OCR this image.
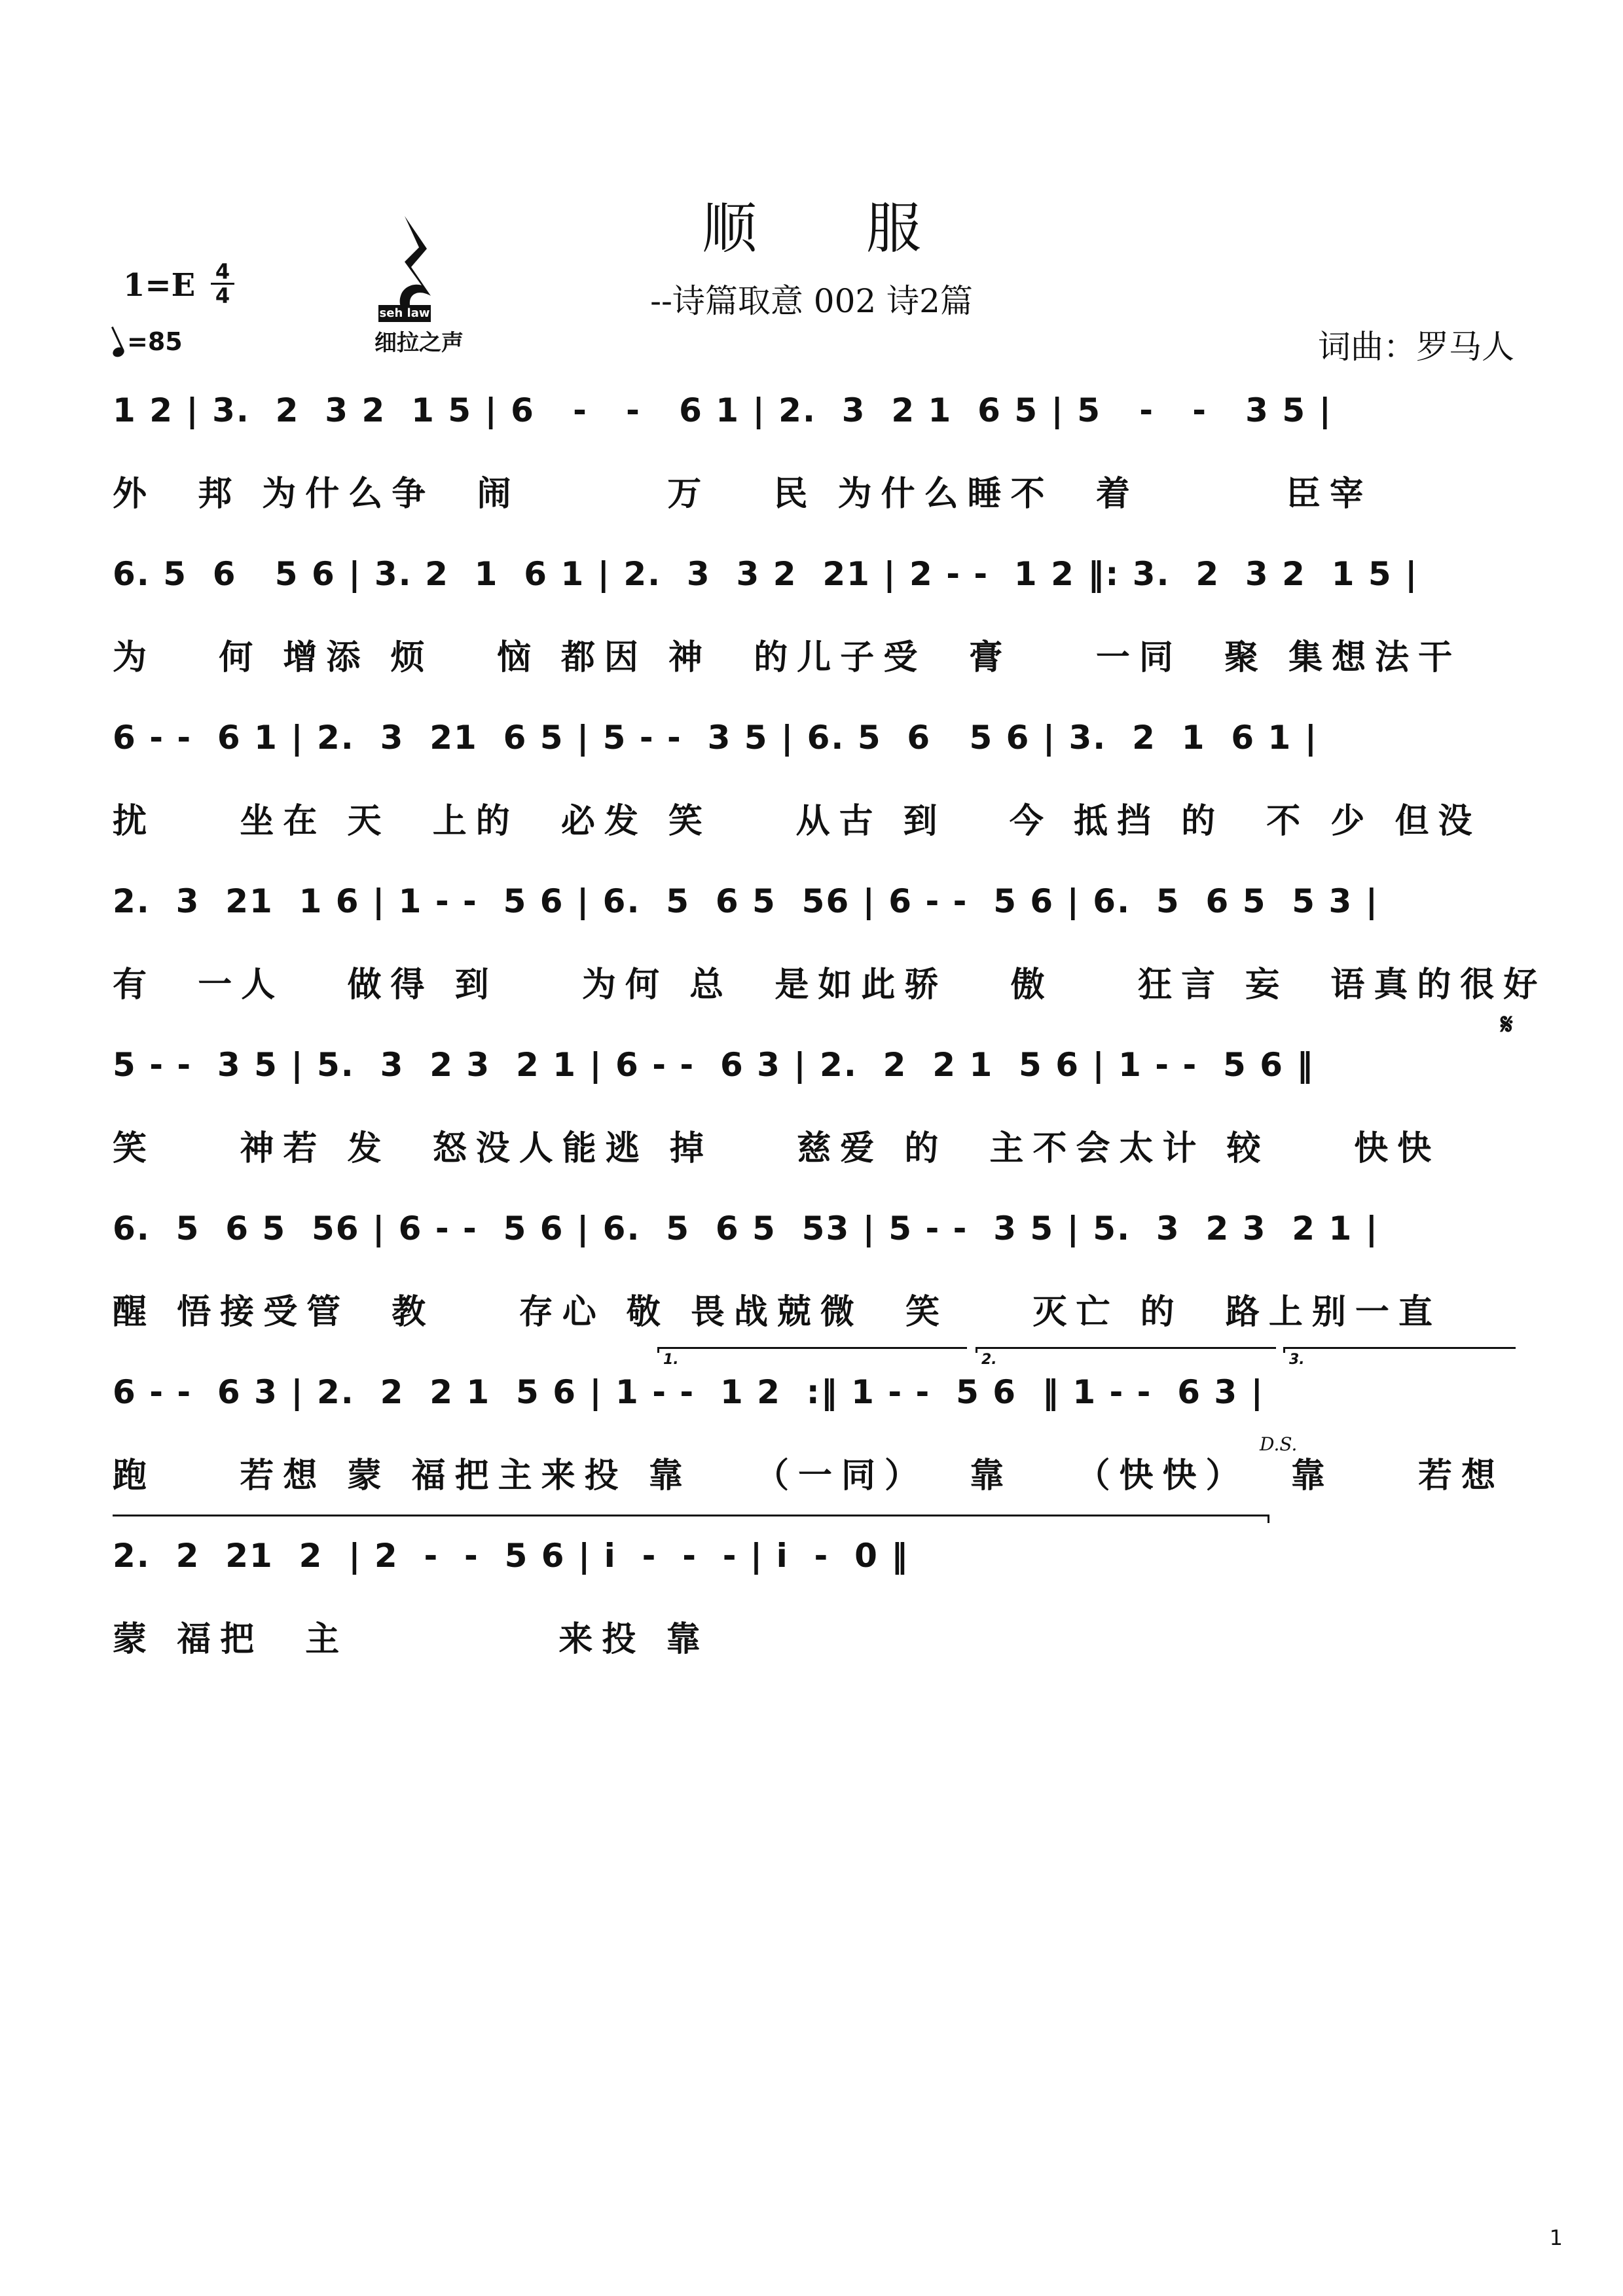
顺 服
--诗篇取意 002 诗2篇
1=E 4
4
=85
seh law
细拉之声	词曲：罗马人
1 2 | 3.  2  3 2  1 5 | 6   -   -   6 1 | 2.  3  2 1  6 5 | 5   -   -   3 5 |
外  邦 为什么争  闹       万   民 为什么睡不  着       臣宰
6. 5  6   5 6 | 3. 2  1  6 1 | 2.  3  3 2  21 | 2 - -  1 2 ‖: 3.  2  3 2  1 5 |
为   何 增添 烦   恼 都因 神  的儿子受  膏    一同  聚 集想法干
6 - -  6 1 | 2.  3  21  6 5 | 5 - -  3 5 | 6. 5  6   5 6 | 3.  2  1  6 1 |
扰    坐在 天  上的  必发 笑    从古 到   今 抵挡 的  不 少 但没
2.  3  21  1 6 | 1 - -  5 6 | 6.  5  6 5  56 | 6 - -  5 6 | 6.  5  6 5  5 3 |
有  一人   做得 到    为何 总  是如此骄   傲    狂言 妄  语真的很好
𝄋
5 - -  3 5 | 5.  3  2 3  2 1 | 6 - -  6 3 | 2.  2  2 1  5 6 | 1 - -  5 6 ‖
笑    神若 发  怒没人能逃 掉    慈爱 的  主不会太计 较    快快
6.  5  6 5  56 | 6 - -  5 6 | 6.  5  6 5  53 | 5 - -  3 5 | 5.  3  2 3  2 1 |
醒 悟接受管  教    存心 敬 畏战兢微  笑    灭亡 的  路上别一直
1.	2.	3.
6 - -  6 3 | 2.  2  2 1  5 6 | 1 - -  1 2  :‖ 1 - -  5 6  ‖ 1 - -  6 3 |
D.S.
跑    若想 蒙 福把主来投 靠   （一同）  靠   （快快）  靠    若想
2.  2  21  2  | 2  -  -  5 6 | i  -  -  - | i  -  0 ‖
蒙 福把  主          来投 靠
1
